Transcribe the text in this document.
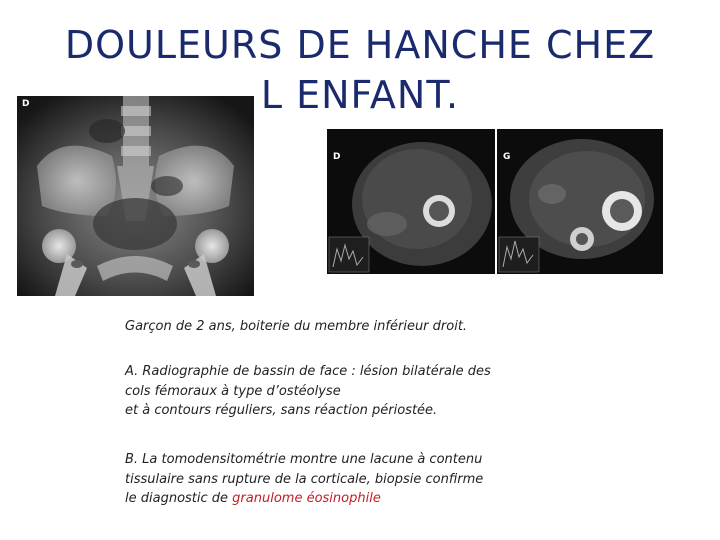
DOULEURS DE HANCHE CHEZ
L ENFANT.
D
D	G
Garçon de 2 ans, boiterie du membre inférieur droit.
A. Radiographie de bassin de face : lésion bilatérale des
cols fémoraux à type d’ostéolyse
et à contours réguliers, sans réaction périostée.
B. La tomodensitométrie montre une lacune à contenu
tissulaire sans rupture de la corticale, biopsie confirme
le diagnostic de granulome éosinophile
